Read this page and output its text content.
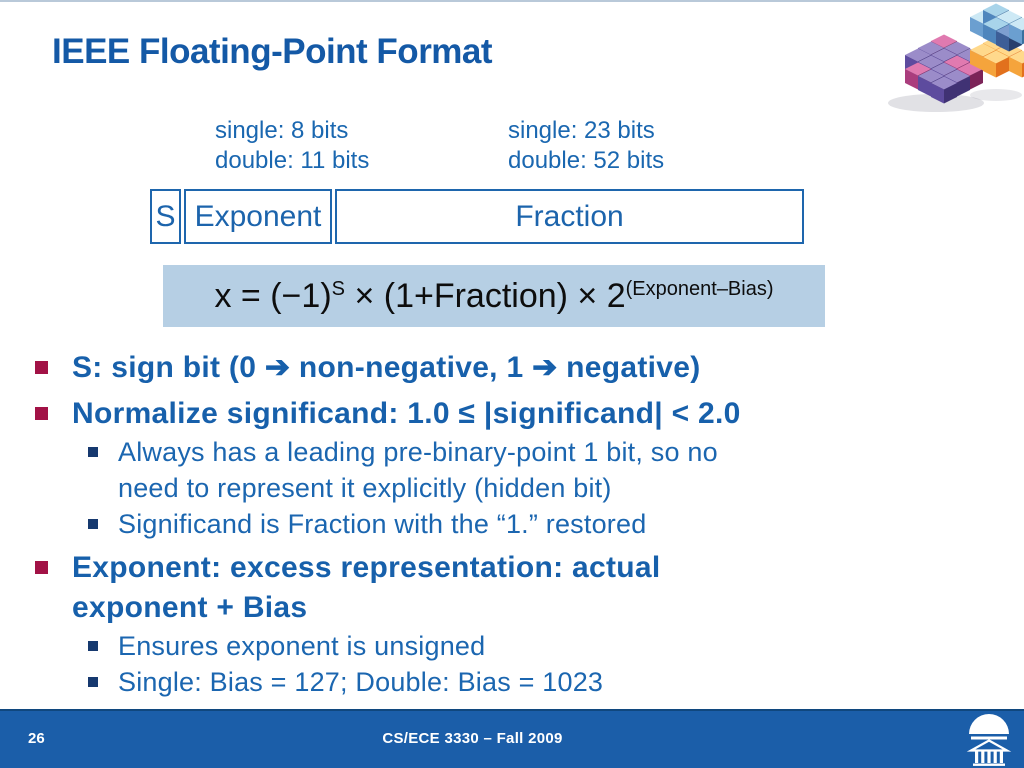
IEEE Floating-Point Format
single: 8 bits
double: 11 bits
single: 23 bits
double: 52 bits
S Exponent	Fraction
$x = (-1)^S$ × (1+Fraction) × $2^{(Exponent-Bias)}$
S: sign bit (0 ➔ non-negative, 1 ➔ negative)
Normalize significand: 1.0 ≤ |significand| < 2.0
Always has a leading pre-binary-point 1 bit, so no
need to represent it explicitly (hidden bit)
Significand is Fraction with the “1.” restored
Exponent: excess representation: actual
exponent + Bias
Ensures exponent is unsigned
Single: Bias = 127; Double: Bias = 1023
26	CS/ECE 3330 – Fall 2009
